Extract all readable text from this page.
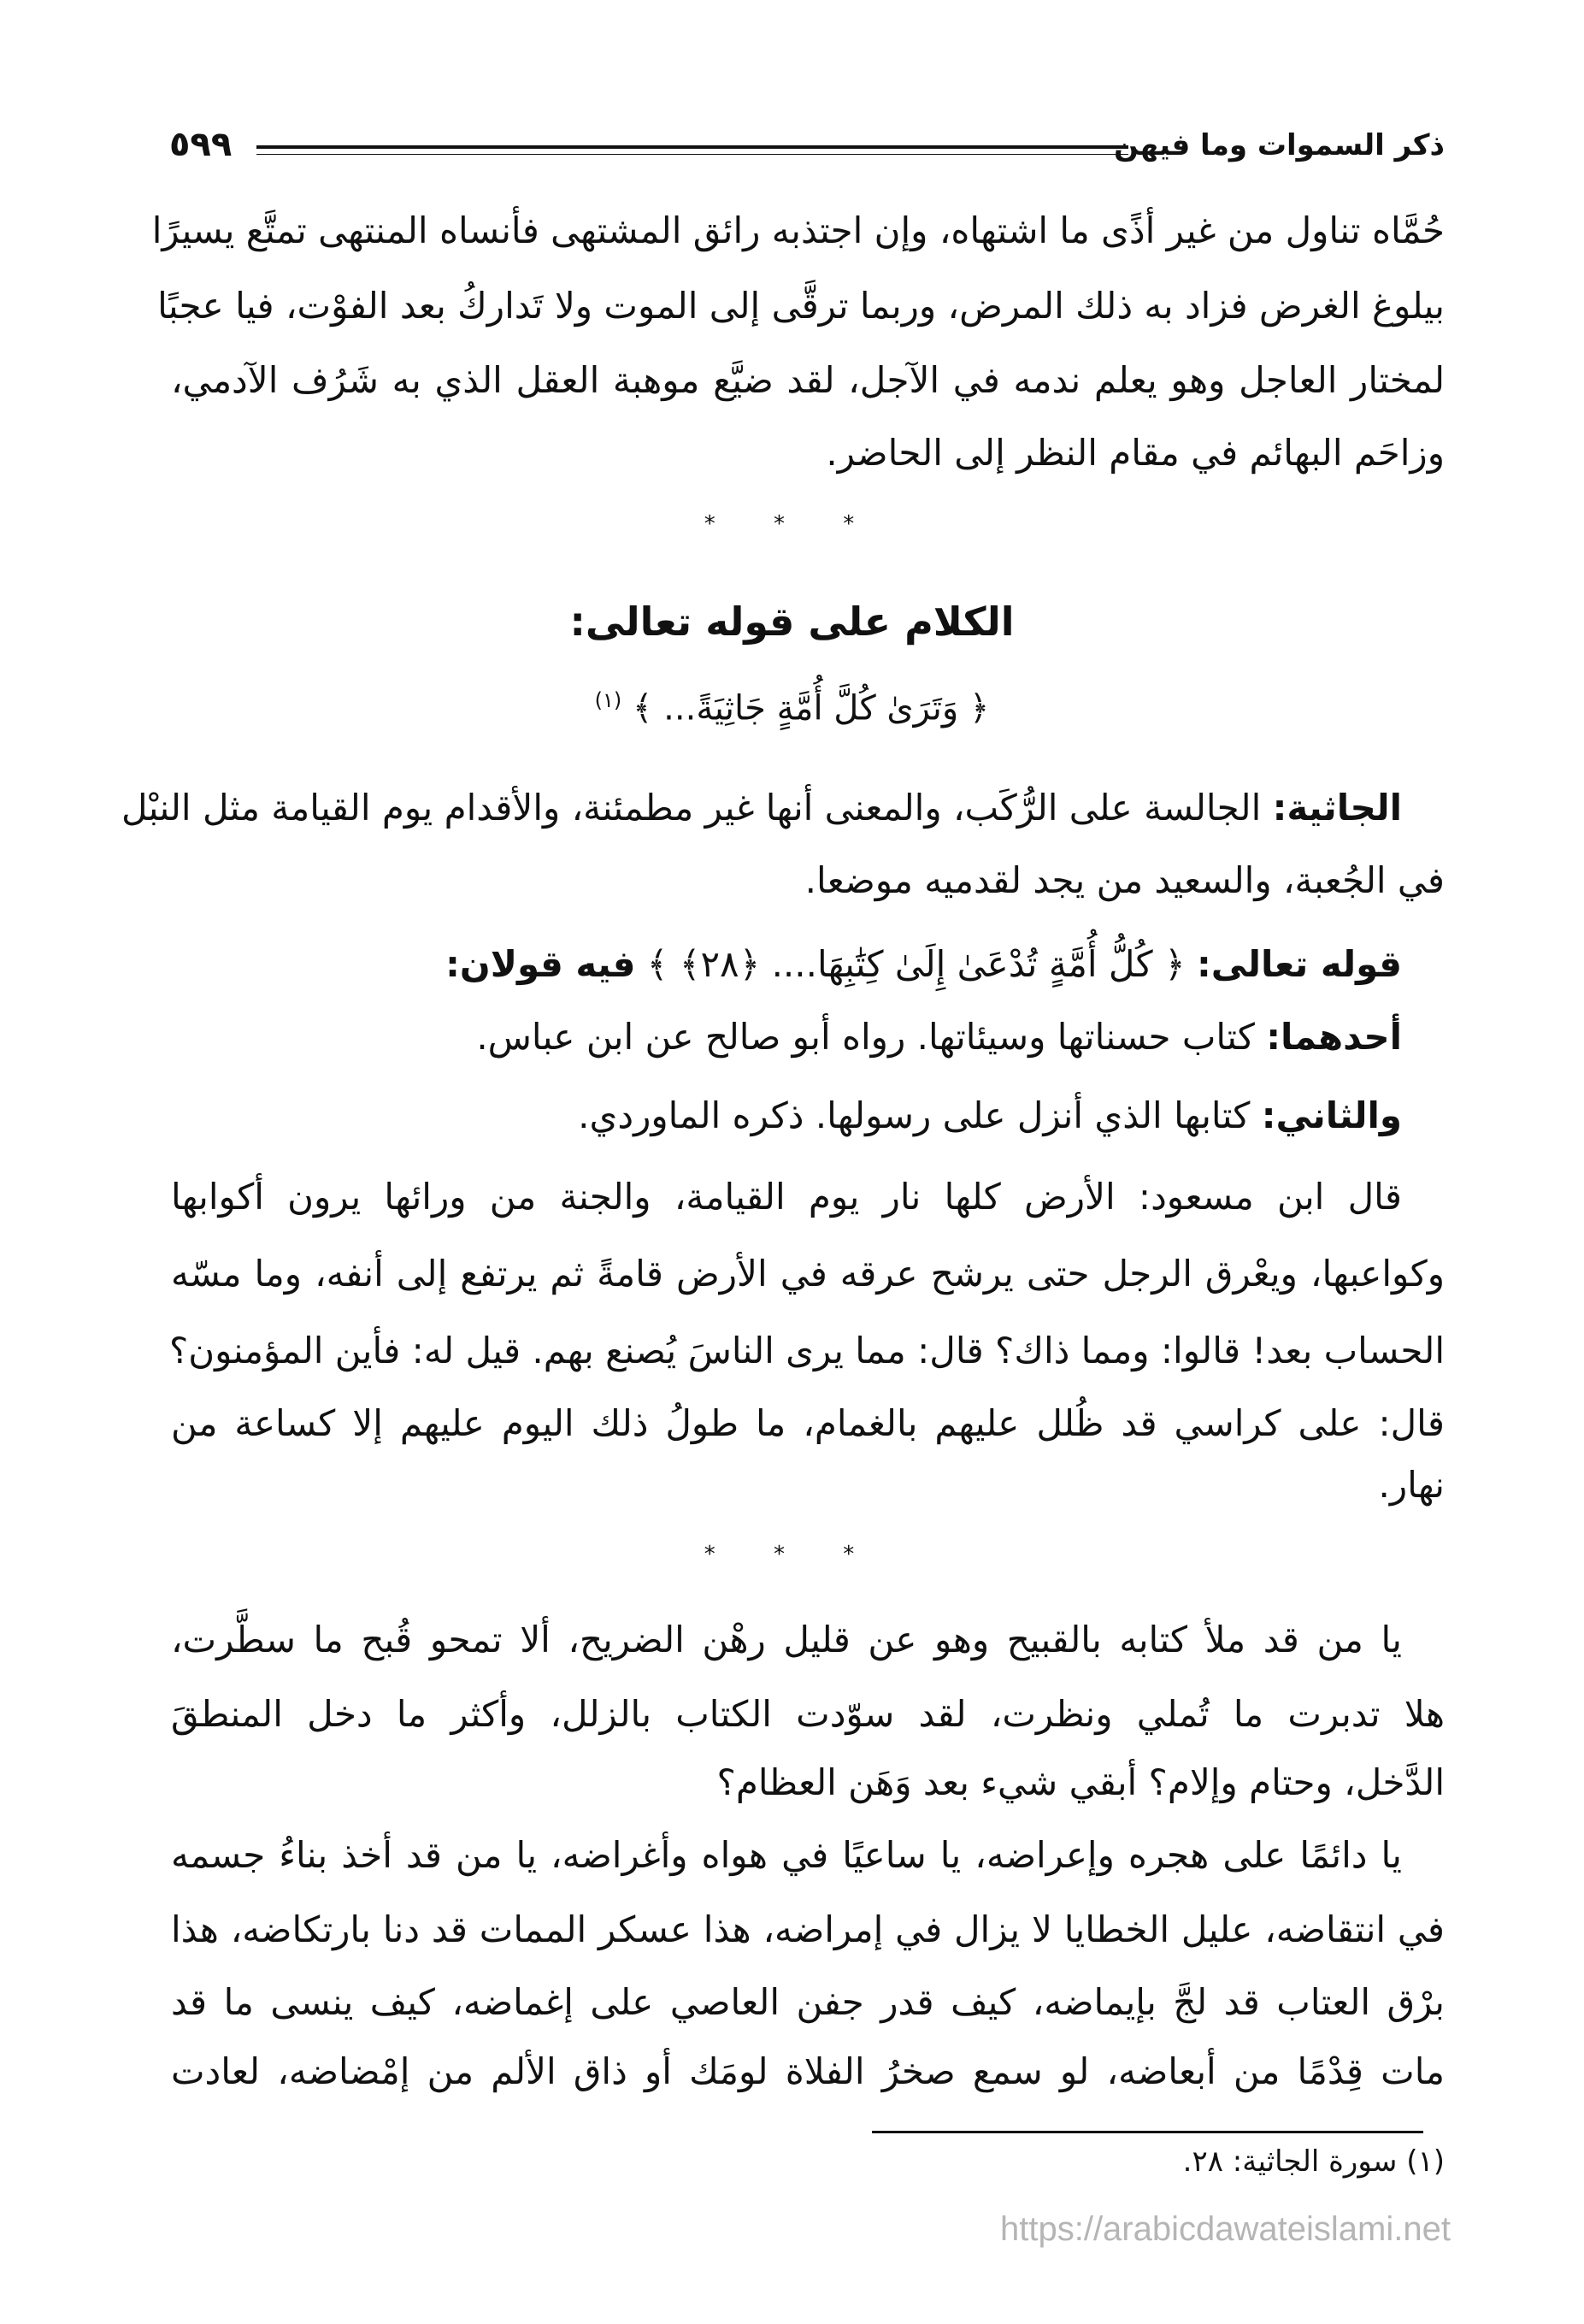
ذكر السموات وما فيهن
٥٩٩
حُمَّاه تناول من غير أذًى ما اشتهاه، وإن اجتذبه رائق المشتهى فأنساه المنتهى تمتَّع يسيرًا
بيلوغ الغرض فزاد به ذلك المرض، وربما ترقَّى إلى الموت ولا تَداركُ بعد الفوْت، فيا عجبًا
لمختار العاجل وهو يعلم ندمه في الآجل، لقد ضيَّع موهبة العقل الذي به شَرُف الآدمي،
وزاحَم البهائم في مقام النظر إلى الحاضر.
* * *
الكلام على قوله تعالى:
﴿ وَتَرَىٰ كُلَّ أُمَّةٍ جَاثِيَةً... ﴾ $^{(١)}$
الجاثية: الجالسة على الرُّكَب، والمعنى أنها غير مطمئنة، والأقدام يوم القيامة مثل النبْل
في الجُعبة، والسعيد من يجد لقدميه موضعا.
قوله تعالى: ﴿ كُلُّ أُمَّةٍ تُدْعَىٰ إِلَىٰ كِتَٰبِهَا.... ﴿٢٨﴾ ﴾ فيه قولان:
أحدهما: كتاب حسناتها وسيئاتها. رواه أبو صالح عن ابن عباس.
والثاني: كتابها الذي أنزل على رسولها. ذكره الماوردي.
قال ابن مسعود: الأرض كلها نار يوم القيامة، والجنة من ورائها يرون أكوابها
وكواعبها، ويعْرق الرجل حتى يرشح عرقه في الأرض قامةً ثم يرتفع إلى أنفه، وما مسّه
الحساب بعد! قالوا: ومما ذاك؟ قال: مما يرى الناسَ يُصنع بهم. قيل له: فأين المؤمنون؟
قال: على كراسي قد ظُلل عليهم بالغمام، ما طولُ ذلك اليوم عليهم إلا كساعة من
نهار.
* * *
يا من قد ملأ كتابه بالقبيح وهو عن قليل رهْن الضريح، ألا تمحو قُبح ما سطَّرت،
هلا تدبرت ما تُملي ونظرت، لقد سوّدت الكتاب بالزلل، وأكثر ما دخل المنطقَ
الدَّخل، وحتام وإلام؟ أبقي شيء بعد وَهَن العظام؟
يا دائمًا على هجره وإعراضه، يا ساعيًا في هواه وأغراضه، يا من قد أخذ بناءُ جسمه
في انتقاضه، عليل الخطايا لا يزال في إمراضه، هذا عسكر الممات قد دنا بارتكاضه، هذا
برْق العتاب قد لجَّ بإيماضه، كيف قدر جفن العاصي على إغماضه، كيف ينسى ما قد
مات قِدْمًا من أبعاضه، لو سمع صخرُ الفلاة لومَك أو ذاق الألم من إمْضاضه، لعادت
(١) سورة الجاثية: ٢٨.
https://arabicdawateislami.net
